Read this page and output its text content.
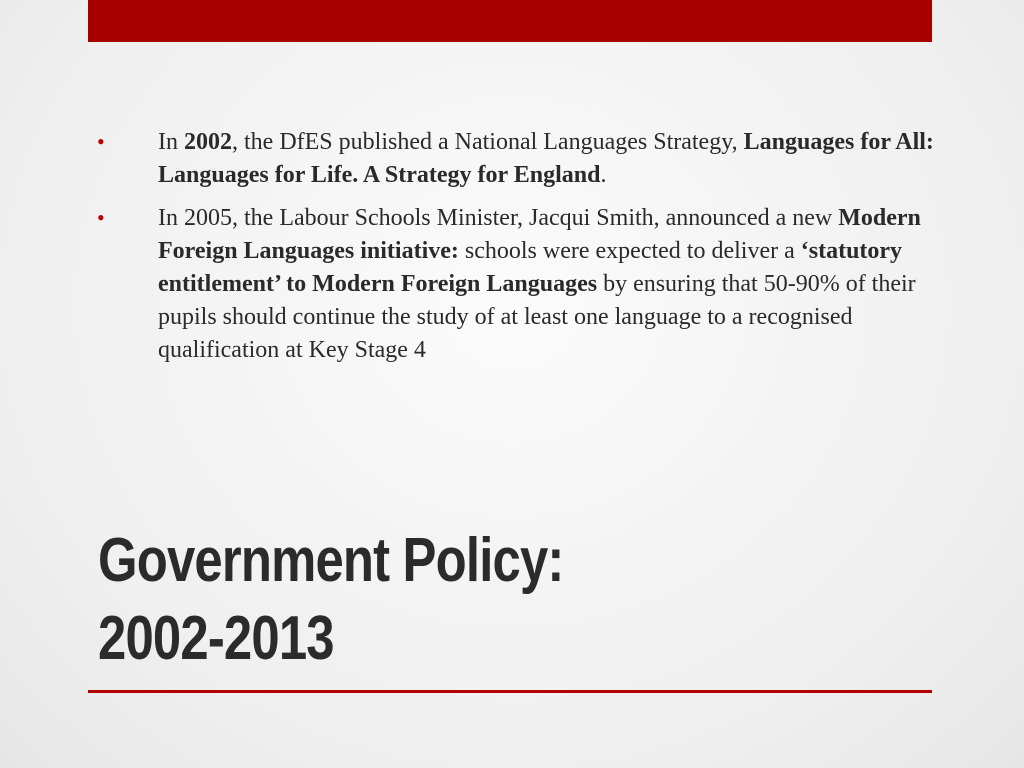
• In 2002, the DfES published a National Languages Strategy, Languages for All: Languages for Life. A Strategy for England.
• In 2005, the Labour Schools Minister, Jacqui Smith, announced a new Modern Foreign Languages initiative: schools were expected to deliver a ‘statutory entitlement’ to Modern Foreign Languages by ensuring that 50-90% of their pupils should continue the study of at least one language to a recognised qualification at Key Stage 4
Government Policy:
2002-2013
